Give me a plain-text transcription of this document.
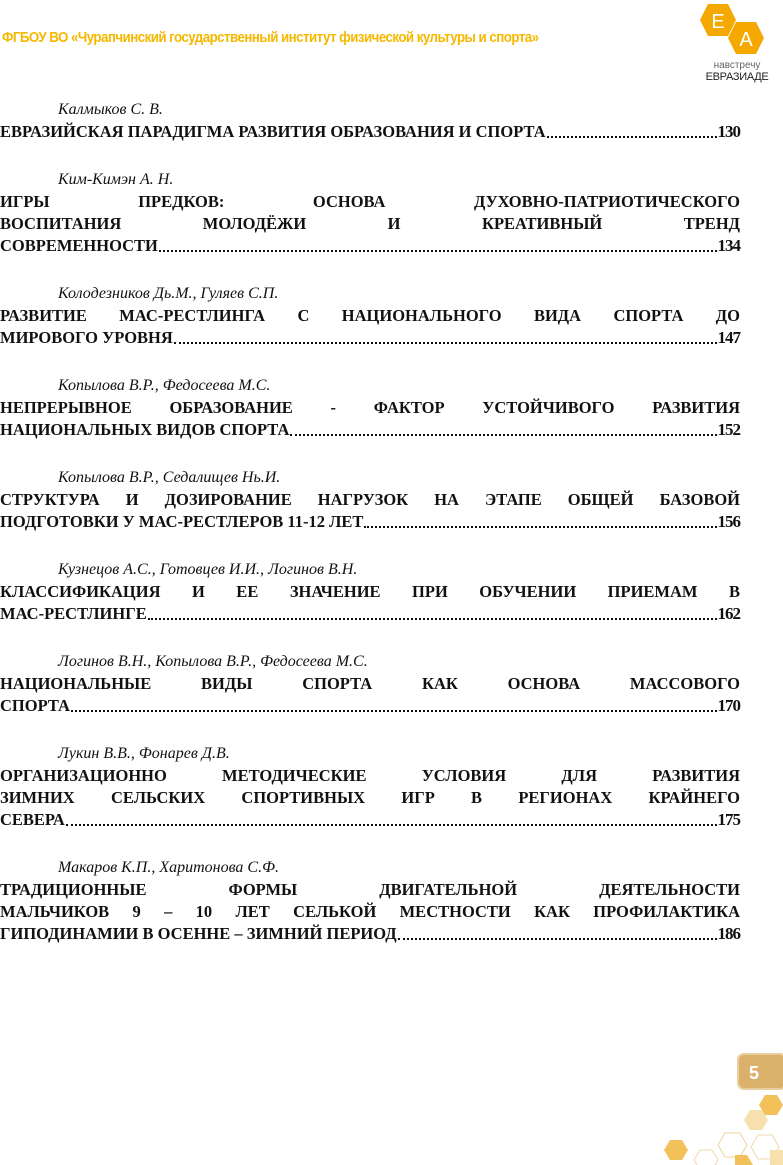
ФГБОУ ВО «Чурапчинский государственный институт физической культуры и спорта»
Е
А
навстречу
ЕВРАЗИАДЕ
Калмыков С. В.
ЕВРАЗИЙСКАЯ ПАРАДИГМА РАЗВИТИЯ ОБРАЗОВАНИЯ И СПОРТА	130
Ким-Кимэн А. Н.
ИГРЫ ПРЕДКОВ: ОСНОВА ДУХОВНО-ПАТРИОТИЧЕСКОГО
ВОСПИТАНИЯ МОЛОДЁЖИ И КРЕАТИВНЫЙ ТРЕНД
СОВРЕМЕННОСТИ	134
Колодезников Дь.М., Гуляев С.П.
РАЗВИТИЕ МАС-РЕСТЛИНГА С НАЦИОНАЛЬНОГО ВИДА СПОРТА ДО
МИРОВОГО УРОВНЯ	147
Копылова В.Р., Федосеева М.С.
НЕПРЕРЫВНОЕ ОБРАЗОВАНИЕ - ФАКТОР УСТОЙЧИВОГО РАЗВИТИЯ
НАЦИОНАЛЬНЫХ ВИДОВ СПОРТА	152
Копылова В.Р., Седалищев Нь.И.
СТРУКТУРА И ДОЗИРОВАНИЕ НАГРУЗОК НА ЭТАПЕ ОБЩЕЙ БАЗОВОЙ
ПОДГОТОВКИ У МАС-РЕСТЛЕРОВ 11-12 ЛЕТ	156
Кузнецов А.С., Готовцев И.И., Логинов В.Н.
КЛАССИФИКАЦИЯ И ЕЕ ЗНАЧЕНИЕ ПРИ ОБУЧЕНИИ ПРИЕМАМ В
МАС-РЕСТЛИНГЕ	162
Логинов В.Н., Копылова В.Р., Федосеева М.С.
НАЦИОНАЛЬНЫЕ ВИДЫ СПОРТА КАК ОСНОВА МАССОВОГО
СПОРТА	170
Лукин В.В., Фонарев Д.В.
ОРГАНИЗАЦИОННО МЕТОДИЧЕСКИЕ УСЛОВИЯ ДЛЯ РАЗВИТИЯ
ЗИМНИХ СЕЛЬСКИХ СПОРТИВНЫХ ИГР В РЕГИОНАХ КРАЙНЕГО
СЕВЕРА	175
Макаров К.П., Харитонова С.Ф.
ТРАДИЦИОННЫЕ ФОРМЫ ДВИГАТЕЛЬНОЙ ДЕЯТЕЛЬНОСТИ
МАЛЬЧИКОВ 9 – 10 ЛЕТ СЕЛЬКОЙ МЕСТНОСТИ КАК ПРОФИЛАКТИКА
ГИПОДИНАМИИ В ОСЕННЕ – ЗИМНИЙ ПЕРИОД	186
5
